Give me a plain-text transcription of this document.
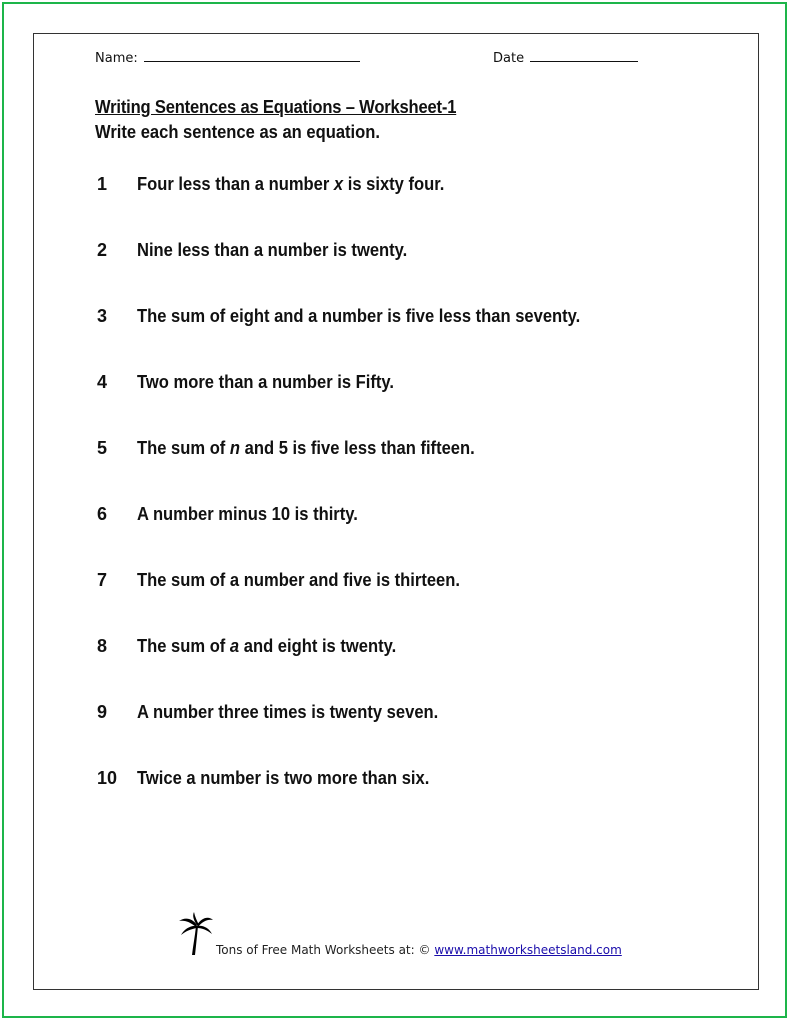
Name:	Date
Writing Sentences as Equations – Worksheet-1
Write each sentence as an equation.
1	Four less than a number x is sixty four.
2	Nine less than a number is twenty.
3	The sum of eight and a number is five less than seventy.
4	Two more than a number is Fifty.
5	The sum of n and 5 is five less than fifteen.
6	A number minus 10 is thirty.
7	The sum of a number and five is thirteen.
8	The sum of a and eight is twenty.
9	A number three times is twenty seven.
10	Twice a number is two more than six.
Tons of Free Math Worksheets at: © www.mathworksheetsland.com
